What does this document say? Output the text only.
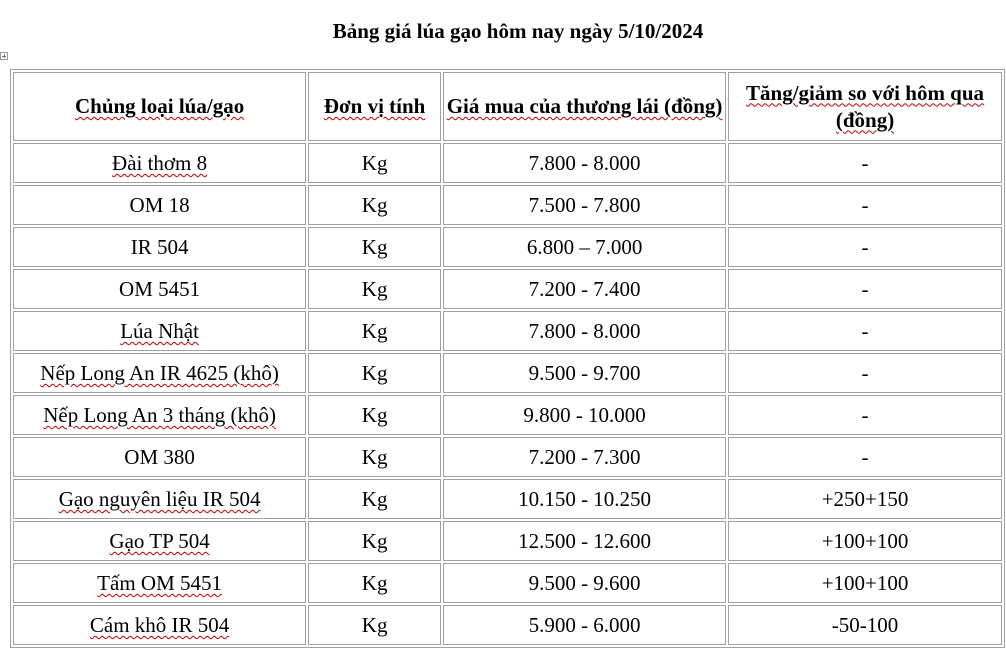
Bảng giá lúa gạo hôm nay ngày 5/10/2024
Chủng loại lúa/gạo	Đơn vị tính	Giá mua của thương lái (đồng)	Tăng/giảm so với hôm qua (đồng)
Đài thơm 8	Kg	7.800 - 8.000	-
OM 18	Kg	7.500 - 7.800	-
IR 504	Kg	6.800 – 7.000	-
OM 5451	Kg	7.200 - 7.400	-
Lúa Nhật	Kg	7.800 - 8.000	-
Nếp Long An IR 4625 (khô)	Kg	9.500 - 9.700	-
Nếp Long An 3 tháng (khô)	Kg	9.800 - 10.000	-
OM 380	Kg	7.200 - 7.300	-
Gạo nguyên liệu IR 504	Kg	10.150 - 10.250	+250+150
Gạo TP 504	Kg	12.500 - 12.600	+100+100
Tấm OM 5451	Kg	9.500 - 9.600	+100+100
Cám khô IR 504	Kg	5.900 - 6.000	-50-100
